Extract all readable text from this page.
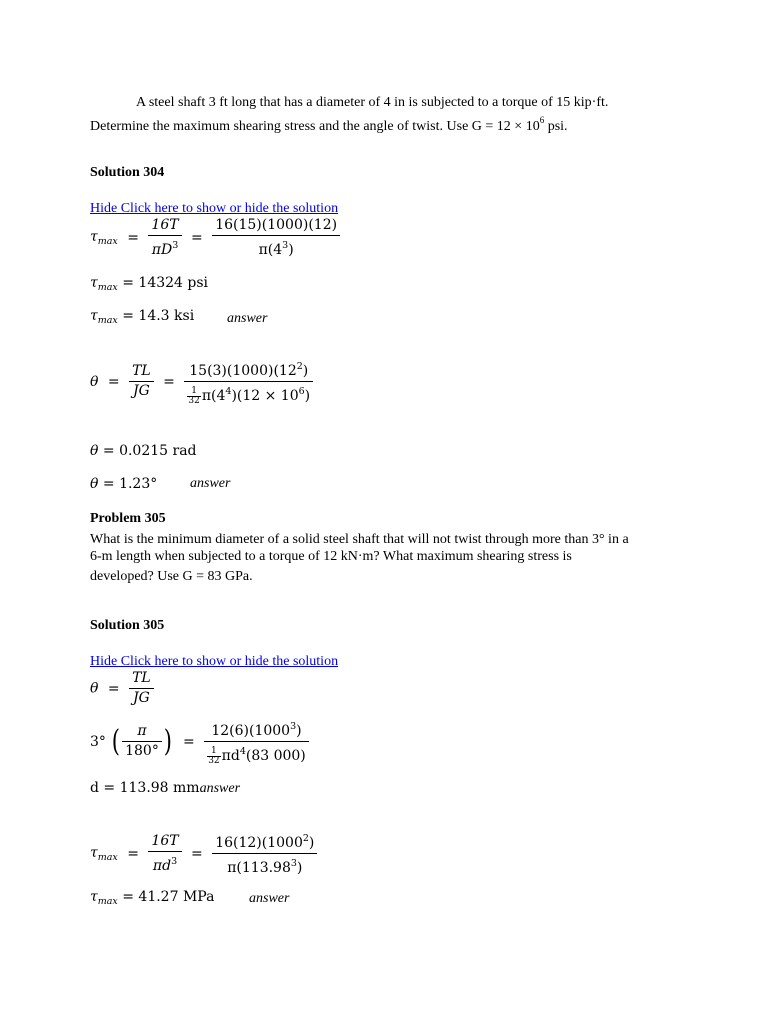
A steel shaft 3 ft long that has a diameter of 4 in is subjected to a torque of 15 kip·ft.
Determine the maximum shearing stress and the angle of twist. Use $G = 12 \times 10^6$ psi.
Solution 304
Hide Click here to show or hide the solution
$\tau_{max} = \frac{16T}{\pi D^3} = \frac{16(15)(1000)(12)}{\pi(4^3)}$
$\tau_{max} = 14324$ psi
$\tau_{max} = 14.3$ ksi answer
$\theta = \frac{TL}{JG} = \frac{15(3)(1000)(12^2)}{\frac{1}{32} \pi(4^4)(12 \times 10^6)}$
θ = 0.0215 rad
θ = 1.23° answer
Problem 305
What is the minimum diameter of a solid steel shaft that will not twist through more than 3° in a
6-m length when subjected to a torque of 12 kN·m? What maximum shearing stress is
developed? Use G = 83 GPa.
Solution 305
Hide Click here to show or hide the solution
$\theta = \frac{TL}{JG}$
3° ( $\frac{\pi}{180^\circ}$ ) = $\frac{12(6)(1000^3)}{\frac{1}{32} \pi d^4(83 000)}$
d = 113.98 mmanswer
$\tau_{max} = \frac{16T}{\pi d^3} = \frac{16(12)(1000^2)}{\pi(113.98^3)}$
$\tau_{max} = 41.27$ MPa answer
